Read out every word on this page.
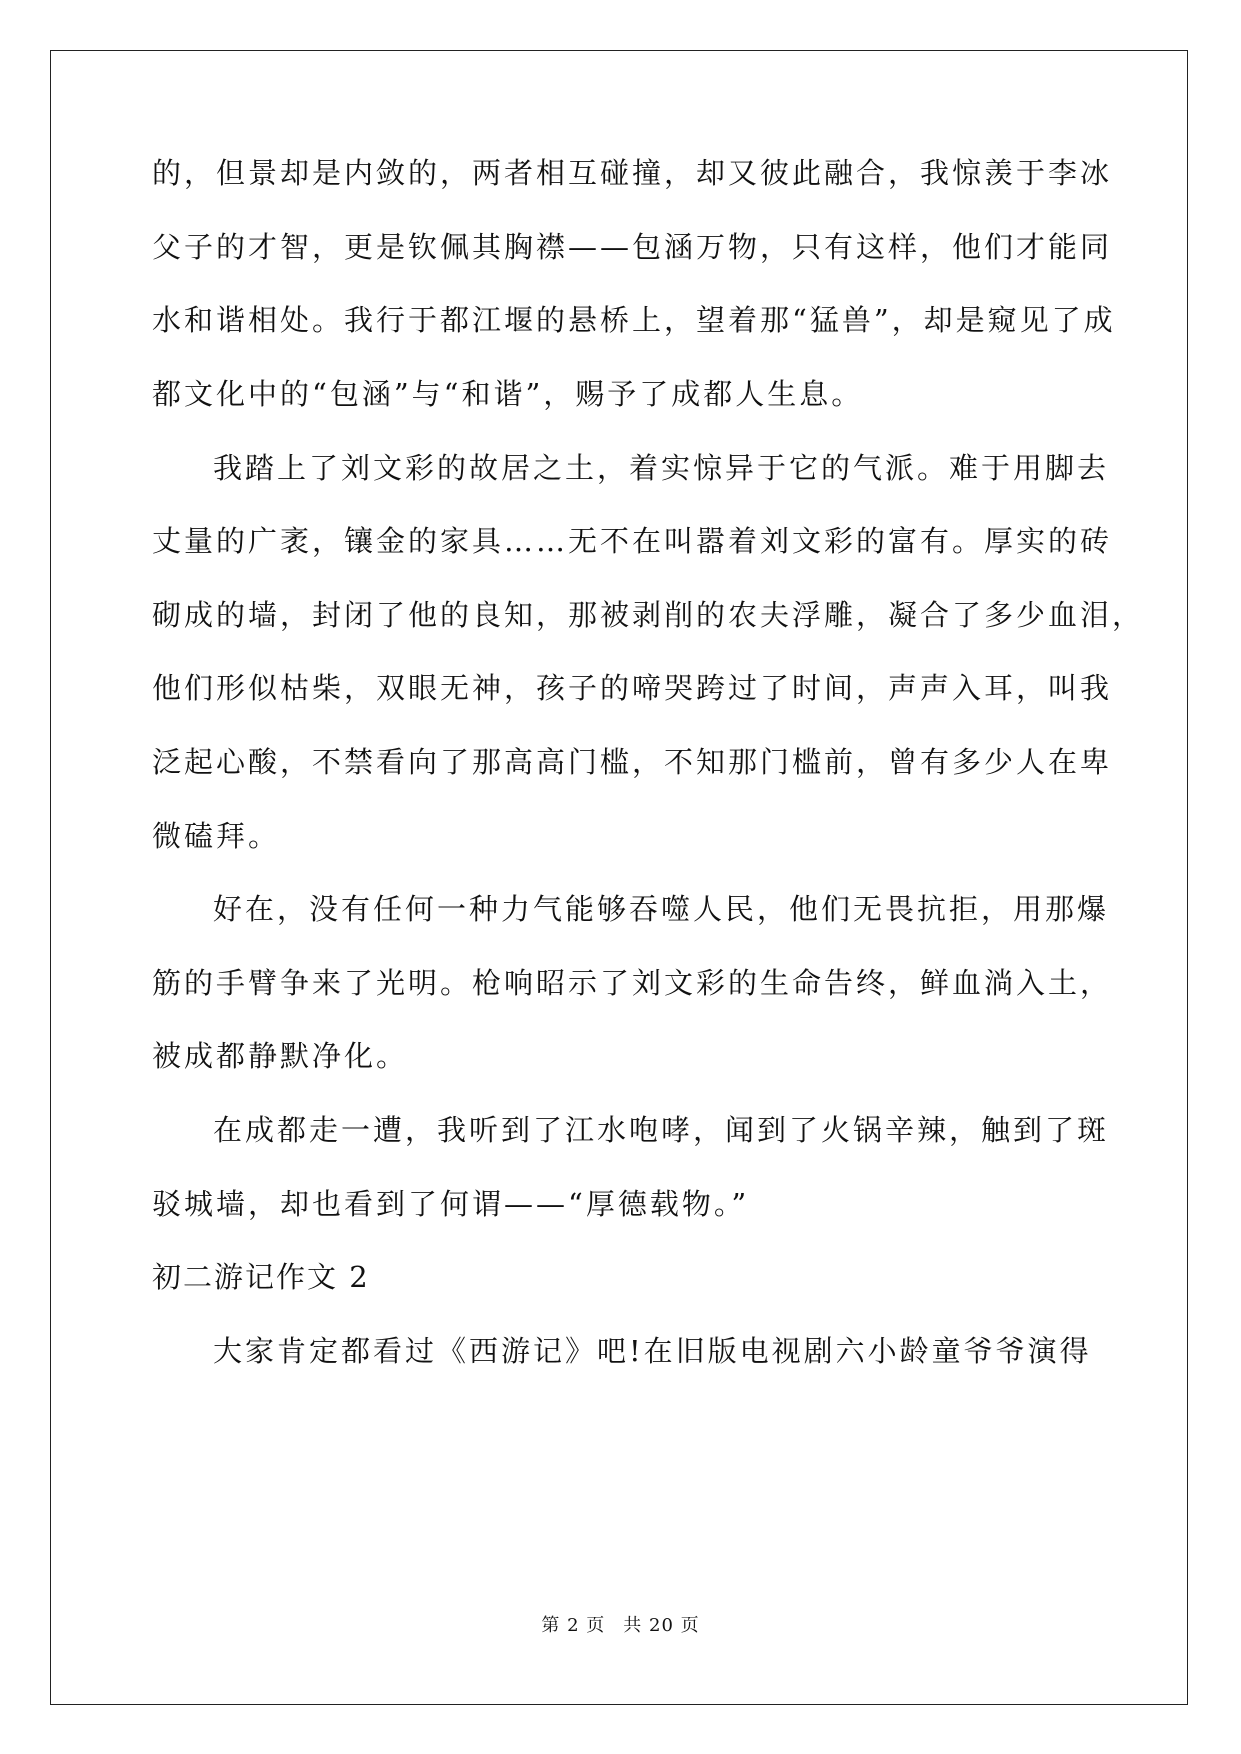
的，但景却是内敛的，两者相互碰撞，却又彼此融合，我惊羡于李冰
父子的才智，更是钦佩其胸襟——包涵万物，只有这样，他们才能同
水和谐相处。我行于都江堰的悬桥上，望着那“猛兽”，却是窥见了成
都文化中的“包涵”与“和谐”，赐予了成都人生息。
我踏上了刘文彩的故居之土，着实惊异于它的气派。难于用脚去
丈量的广袤，镶金的家具……无不在叫嚣着刘文彩的富有。厚实的砖
砌成的墙，封闭了他的良知，那被剥削的农夫浮雕，凝合了多少血泪，
他们形似枯柴，双眼无神，孩子的啼哭跨过了时间，声声入耳，叫我
泛起心酸，不禁看向了那高高门槛，不知那门槛前，曾有多少人在卑
微磕拜。
好在，没有任何一种力气能够吞噬人民，他们无畏抗拒，用那爆
筋的手臂争来了光明。枪响昭示了刘文彩的生命告终，鲜血淌入土，
被成都静默净化。
在成都走一遭，我听到了江水咆哮，闻到了火锅辛辣，触到了斑
驳城墙，却也看到了何谓——“厚德载物。”
初二游记作文 2
大家肯定都看过《西游记》吧!在旧版电视剧六小龄童爷爷演得
第 2 页 共 20 页
